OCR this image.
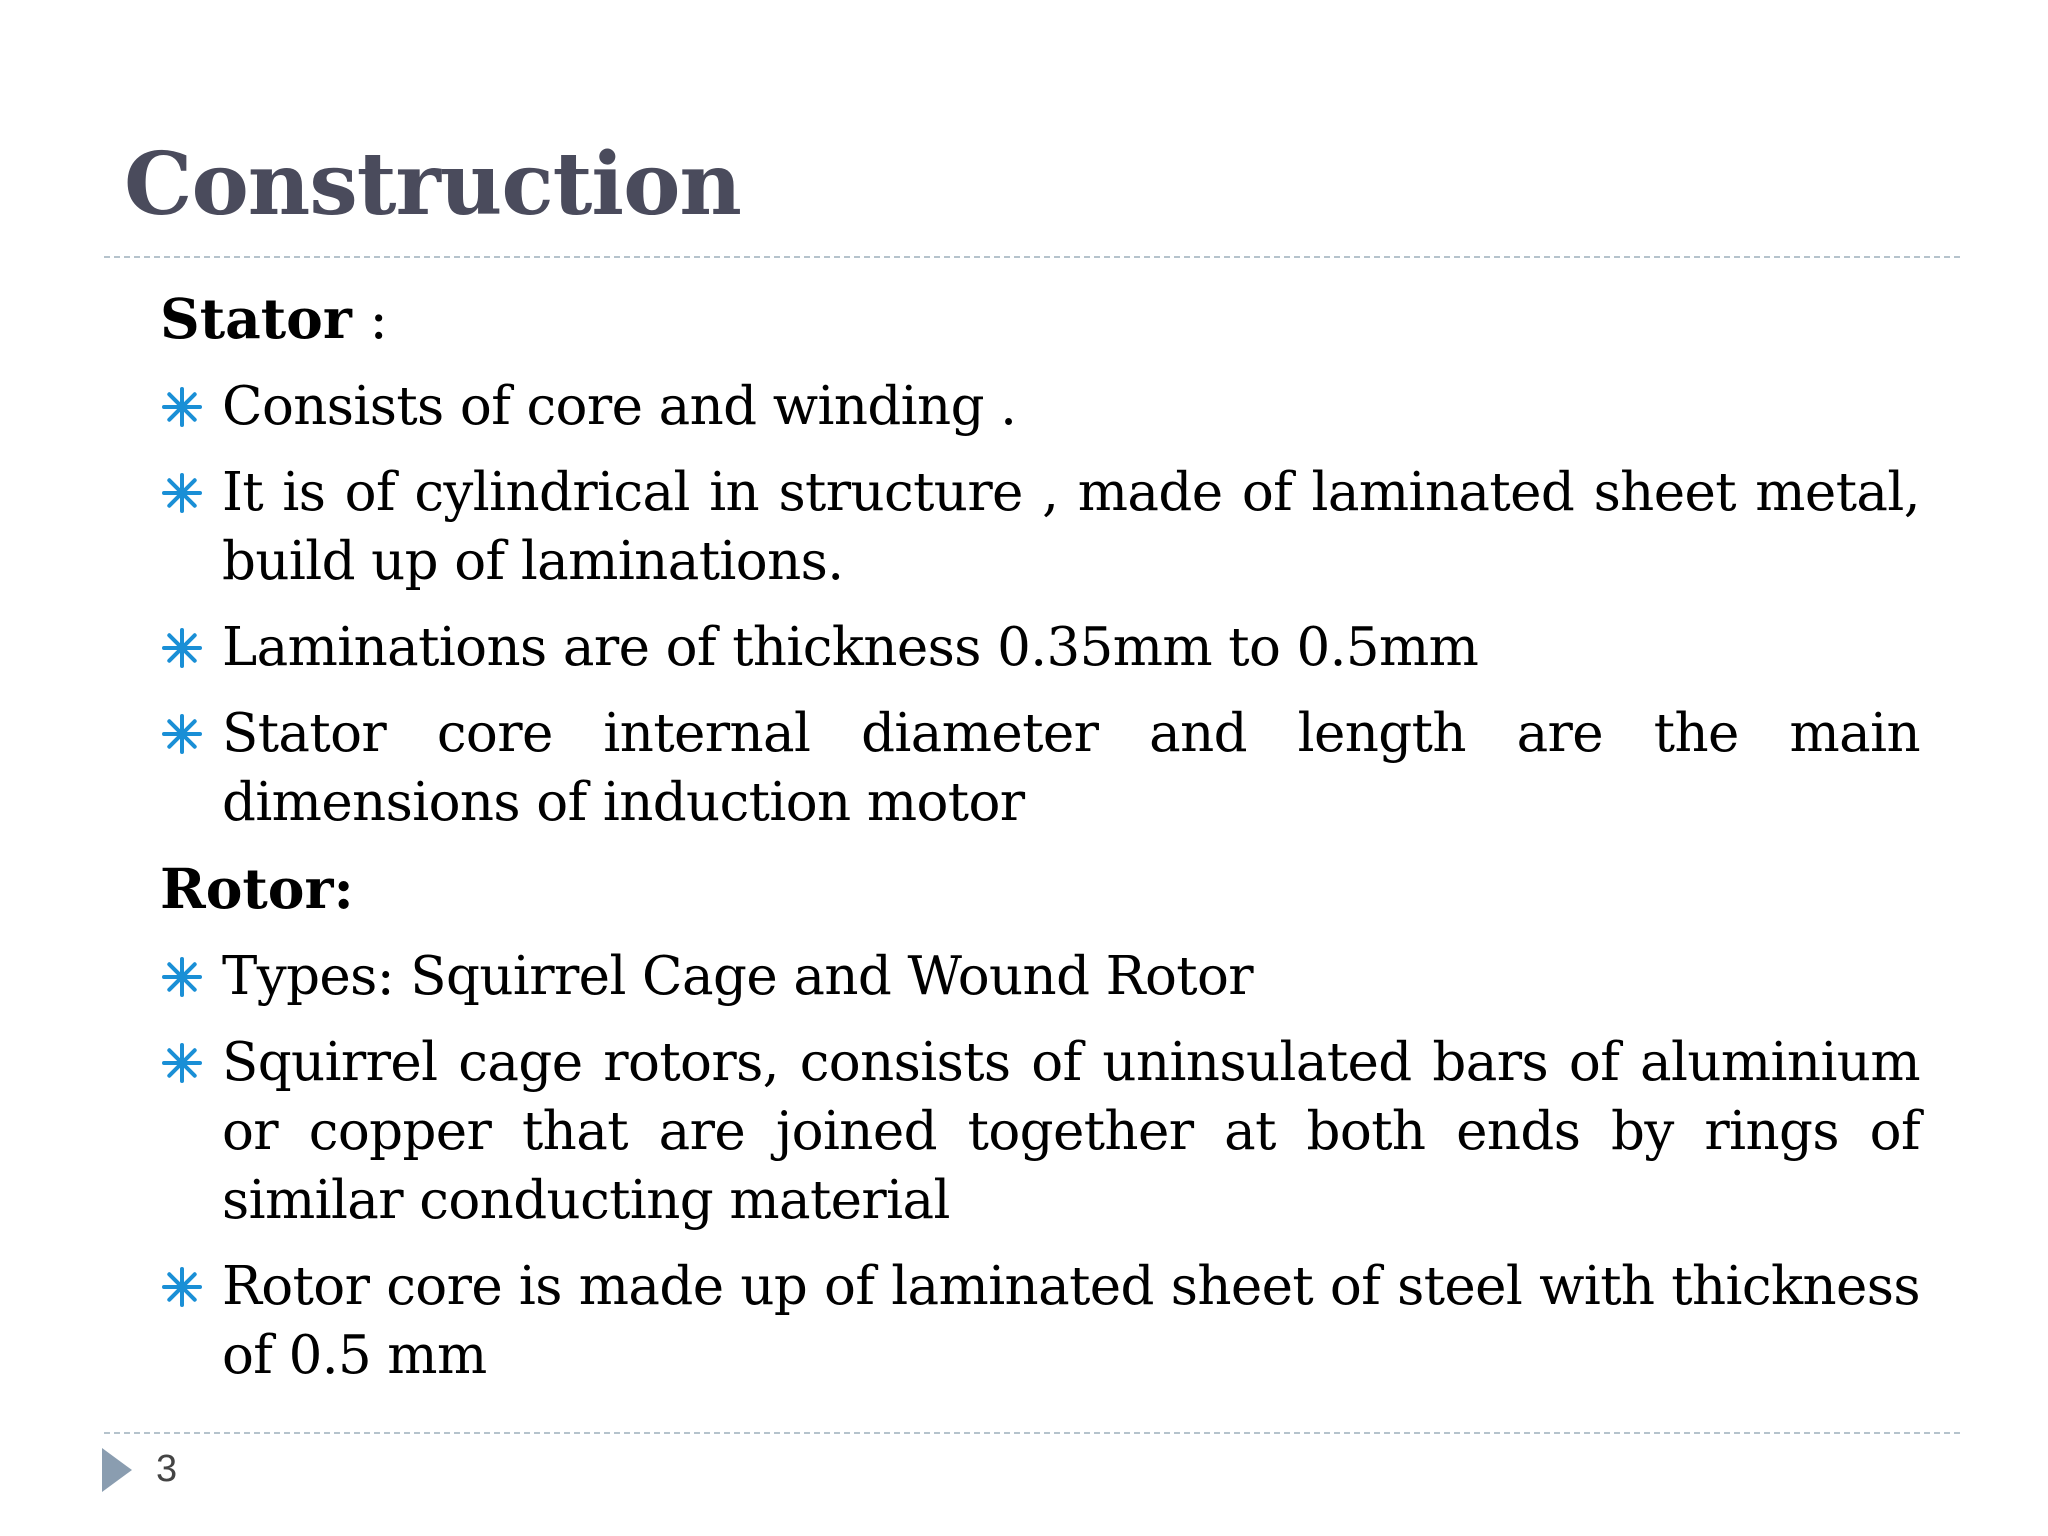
Construction
Stator :
Consists of core and winding .
It is of cylindrical in structure , made of laminated sheet metal, build up of laminations.
Laminations are of thickness 0.35mm to 0.5mm
Stator core internal diameter and length are the main dimensions of induction motor
Rotor:
Types: Squirrel Cage and Wound Rotor
Squirrel cage rotors, consists of uninsulated bars of aluminium or copper that are joined together at both ends by rings of similar conducting material
Rotor core is made up of laminated sheet of steel with thickness of 0.5 mm
3
